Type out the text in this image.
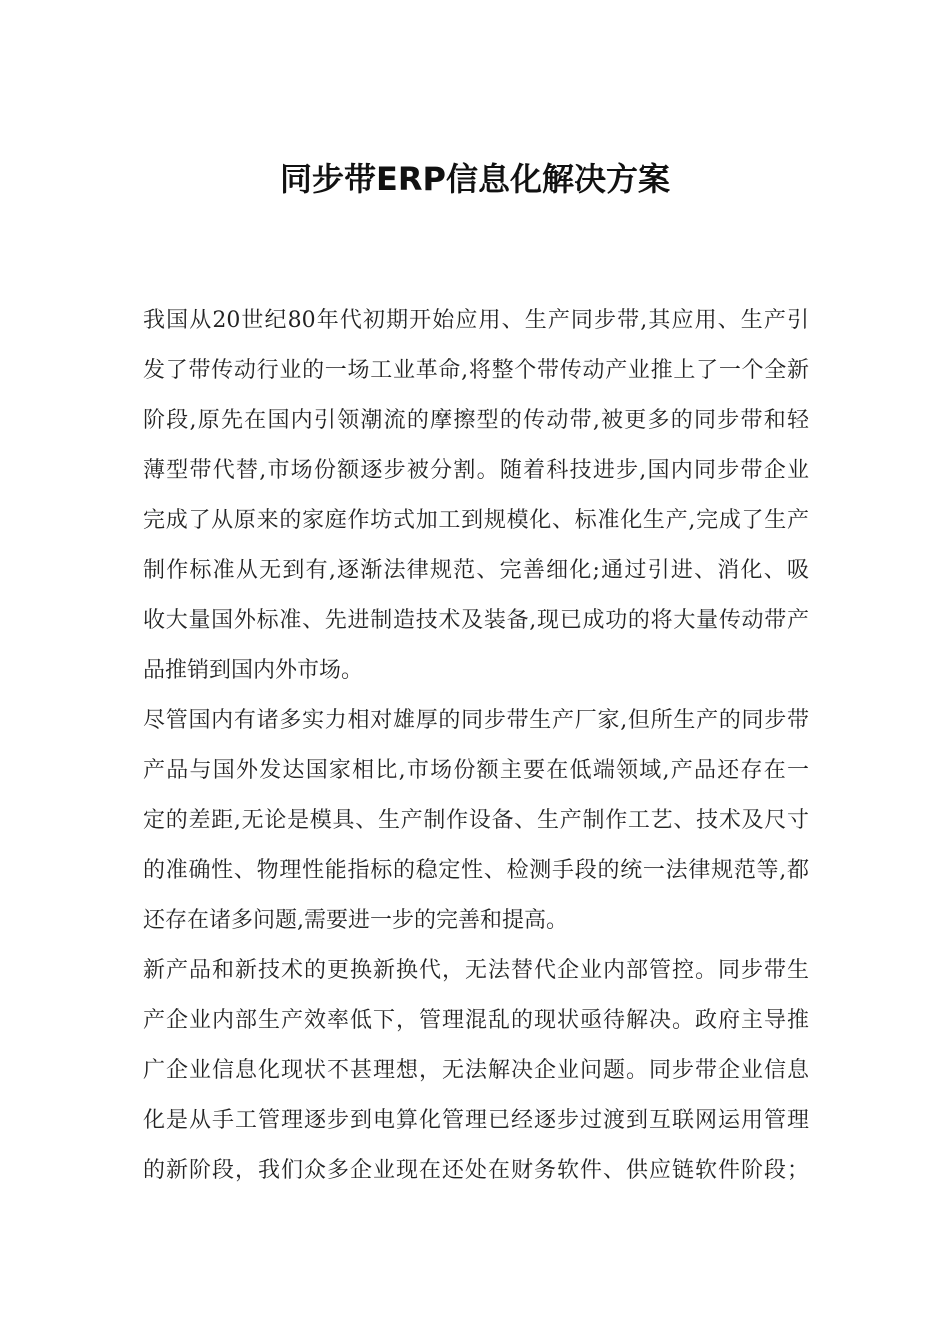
同步带ERP信息化解决方案
我国从20世纪80年代初期开始应用、生产同步带,其应用、生产引
发了带传动行业的一场工业革命,将整个带传动产业推上了一个全新
阶段,原先在国内引领潮流的摩擦型的传动带,被更多的同步带和轻
薄型带代替,市场份额逐步被分割。随着科技进步,国内同步带企业
完成了从原来的家庭作坊式加工到规模化、标准化生产,完成了生产
制作标准从无到有,逐渐法律规范、完善细化;通过引进、消化、吸
收大量国外标准、先进制造技术及装备,现已成功的将大量传动带产
品推销到国内外市场。
尽管国内有诸多实力相对雄厚的同步带生产厂家,但所生产的同步带
产品与国外发达国家相比,市场份额主要在低端领域,产品还存在一
定的差距,无论是模具、生产制作设备、生产制作工艺、技术及尺寸
的准确性、物理性能指标的稳定性、检测手段的统一法律规范等,都
还存在诸多问题,需要进一步的完善和提高。
新产品和新技术的更换新换代，无法替代企业内部管控。同步带生
产企业内部生产效率低下，管理混乱的现状亟待解决。政府主导推
广企业信息化现状不甚理想，无法解决企业问题。同步带企业信息
化是从手工管理逐步到电算化管理已经逐步过渡到互联网运用管理
的新阶段，我们众多企业现在还处在财务软件、供应链软件阶段；
